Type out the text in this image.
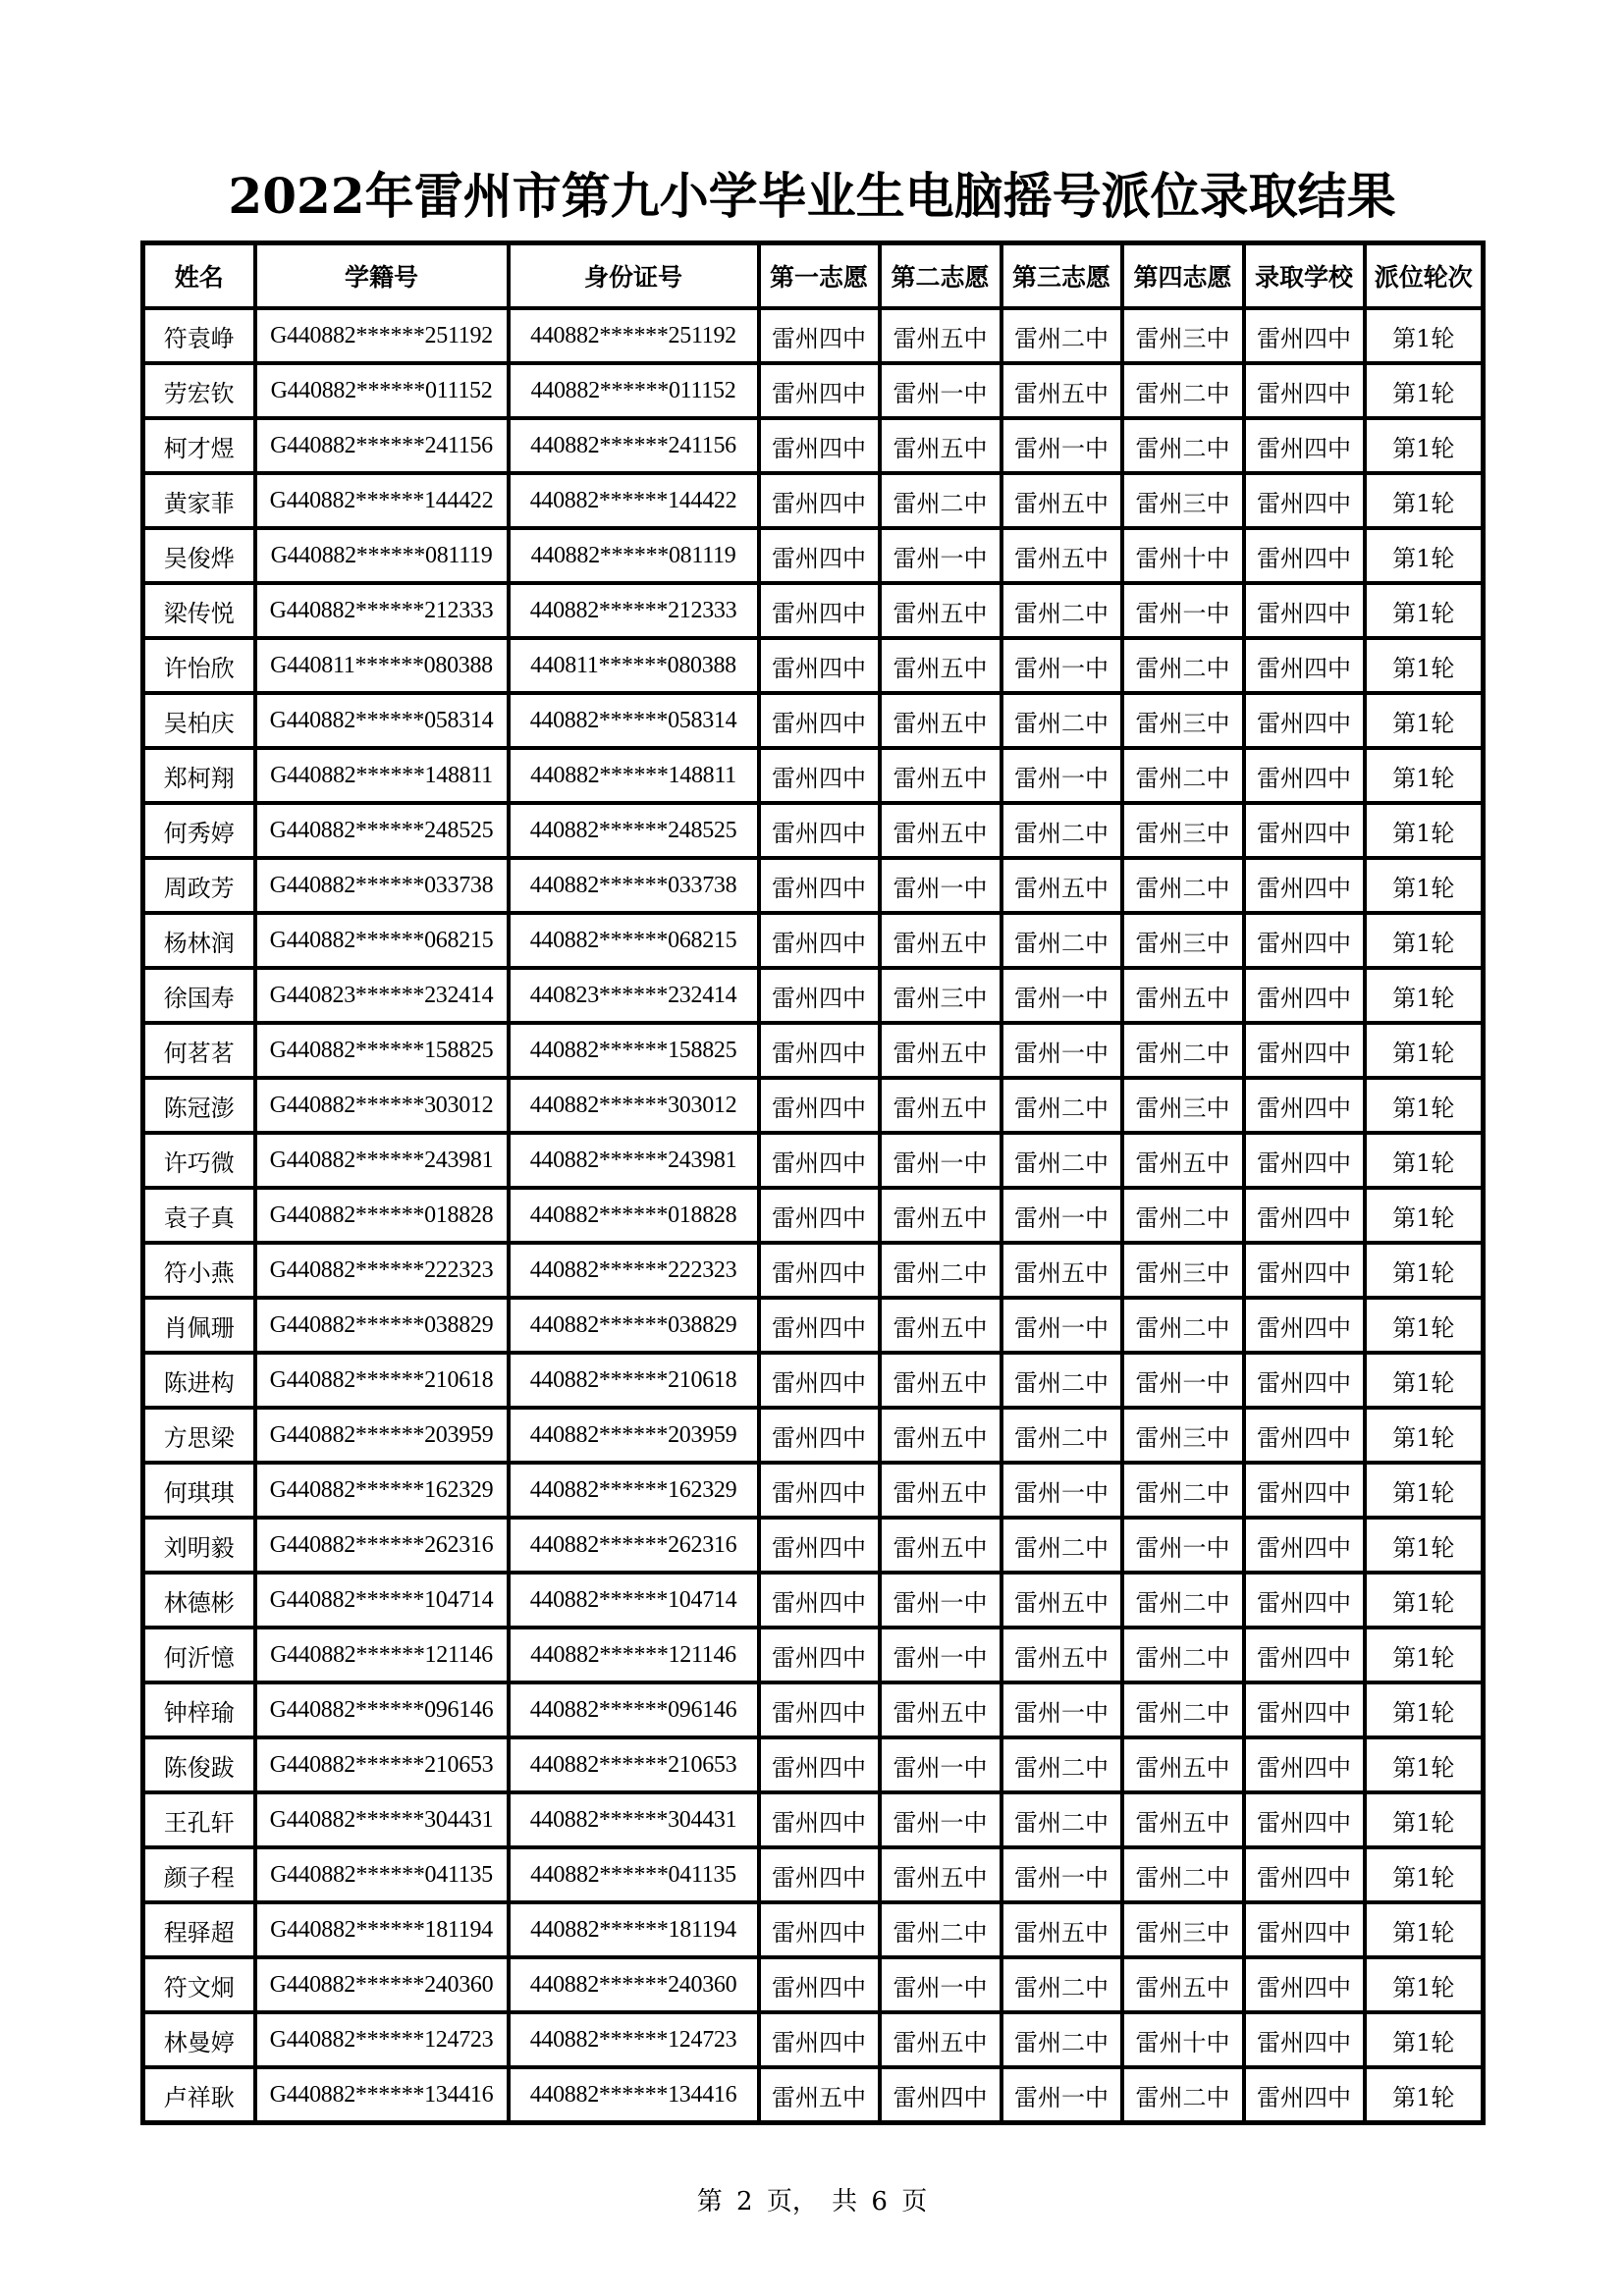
2022年雷州市第九小学毕业生电脑摇号派位录取结果
姓名	学籍号	身份证号	第一志愿	第二志愿	第三志愿	第四志愿	录取学校	派位轮次
符袁峥	G440882******251192	440882******251192	雷州四中	雷州五中	雷州二中	雷州三中	雷州四中	第1轮
劳宏钦	G440882******011152	440882******011152	雷州四中	雷州一中	雷州五中	雷州二中	雷州四中	第1轮
柯才煜	G440882******241156	440882******241156	雷州四中	雷州五中	雷州一中	雷州二中	雷州四中	第1轮
黄家菲	G440882******144422	440882******144422	雷州四中	雷州二中	雷州五中	雷州三中	雷州四中	第1轮
吴俊烨	G440882******081119	440882******081119	雷州四中	雷州一中	雷州五中	雷州十中	雷州四中	第1轮
梁传悦	G440882******212333	440882******212333	雷州四中	雷州五中	雷州二中	雷州一中	雷州四中	第1轮
许怡欣	G440811******080388	440811******080388	雷州四中	雷州五中	雷州一中	雷州二中	雷州四中	第1轮
吴柏庆	G440882******058314	440882******058314	雷州四中	雷州五中	雷州二中	雷州三中	雷州四中	第1轮
郑柯翔	G440882******148811	440882******148811	雷州四中	雷州五中	雷州一中	雷州二中	雷州四中	第1轮
何秀婷	G440882******248525	440882******248525	雷州四中	雷州五中	雷州二中	雷州三中	雷州四中	第1轮
周政芳	G440882******033738	440882******033738	雷州四中	雷州一中	雷州五中	雷州二中	雷州四中	第1轮
杨林润	G440882******068215	440882******068215	雷州四中	雷州五中	雷州二中	雷州三中	雷州四中	第1轮
徐国寿	G440823******232414	440823******232414	雷州四中	雷州三中	雷州一中	雷州五中	雷州四中	第1轮
何茗茗	G440882******158825	440882******158825	雷州四中	雷州五中	雷州一中	雷州二中	雷州四中	第1轮
陈冠澎	G440882******303012	440882******303012	雷州四中	雷州五中	雷州二中	雷州三中	雷州四中	第1轮
许巧微	G440882******243981	440882******243981	雷州四中	雷州一中	雷州二中	雷州五中	雷州四中	第1轮
袁子真	G440882******018828	440882******018828	雷州四中	雷州五中	雷州一中	雷州二中	雷州四中	第1轮
符小燕	G440882******222323	440882******222323	雷州四中	雷州二中	雷州五中	雷州三中	雷州四中	第1轮
肖佩珊	G440882******038829	440882******038829	雷州四中	雷州五中	雷州一中	雷州二中	雷州四中	第1轮
陈进构	G440882******210618	440882******210618	雷州四中	雷州五中	雷州二中	雷州一中	雷州四中	第1轮
方思梁	G440882******203959	440882******203959	雷州四中	雷州五中	雷州二中	雷州三中	雷州四中	第1轮
何琪琪	G440882******162329	440882******162329	雷州四中	雷州五中	雷州一中	雷州二中	雷州四中	第1轮
刘明毅	G440882******262316	440882******262316	雷州四中	雷州五中	雷州二中	雷州一中	雷州四中	第1轮
林德彬	G440882******104714	440882******104714	雷州四中	雷州一中	雷州五中	雷州二中	雷州四中	第1轮
何沂憶	G440882******121146	440882******121146	雷州四中	雷州一中	雷州五中	雷州二中	雷州四中	第1轮
钟梓瑜	G440882******096146	440882******096146	雷州四中	雷州五中	雷州一中	雷州二中	雷州四中	第1轮
陈俊跋	G440882******210653	440882******210653	雷州四中	雷州一中	雷州二中	雷州五中	雷州四中	第1轮
王孔轩	G440882******304431	440882******304431	雷州四中	雷州一中	雷州二中	雷州五中	雷州四中	第1轮
颜子程	G440882******041135	440882******041135	雷州四中	雷州五中	雷州一中	雷州二中	雷州四中	第1轮
程驿超	G440882******181194	440882******181194	雷州四中	雷州二中	雷州五中	雷州三中	雷州四中	第1轮
符文炯	G440882******240360	440882******240360	雷州四中	雷州一中	雷州二中	雷州五中	雷州四中	第1轮
林曼婷	G440882******124723	440882******124723	雷州四中	雷州五中	雷州二中	雷州十中	雷州四中	第1轮
卢祥耿	G440882******134416	440882******134416	雷州五中	雷州四中	雷州一中	雷州二中	雷州四中	第1轮
第 2 页， 共 6 页
